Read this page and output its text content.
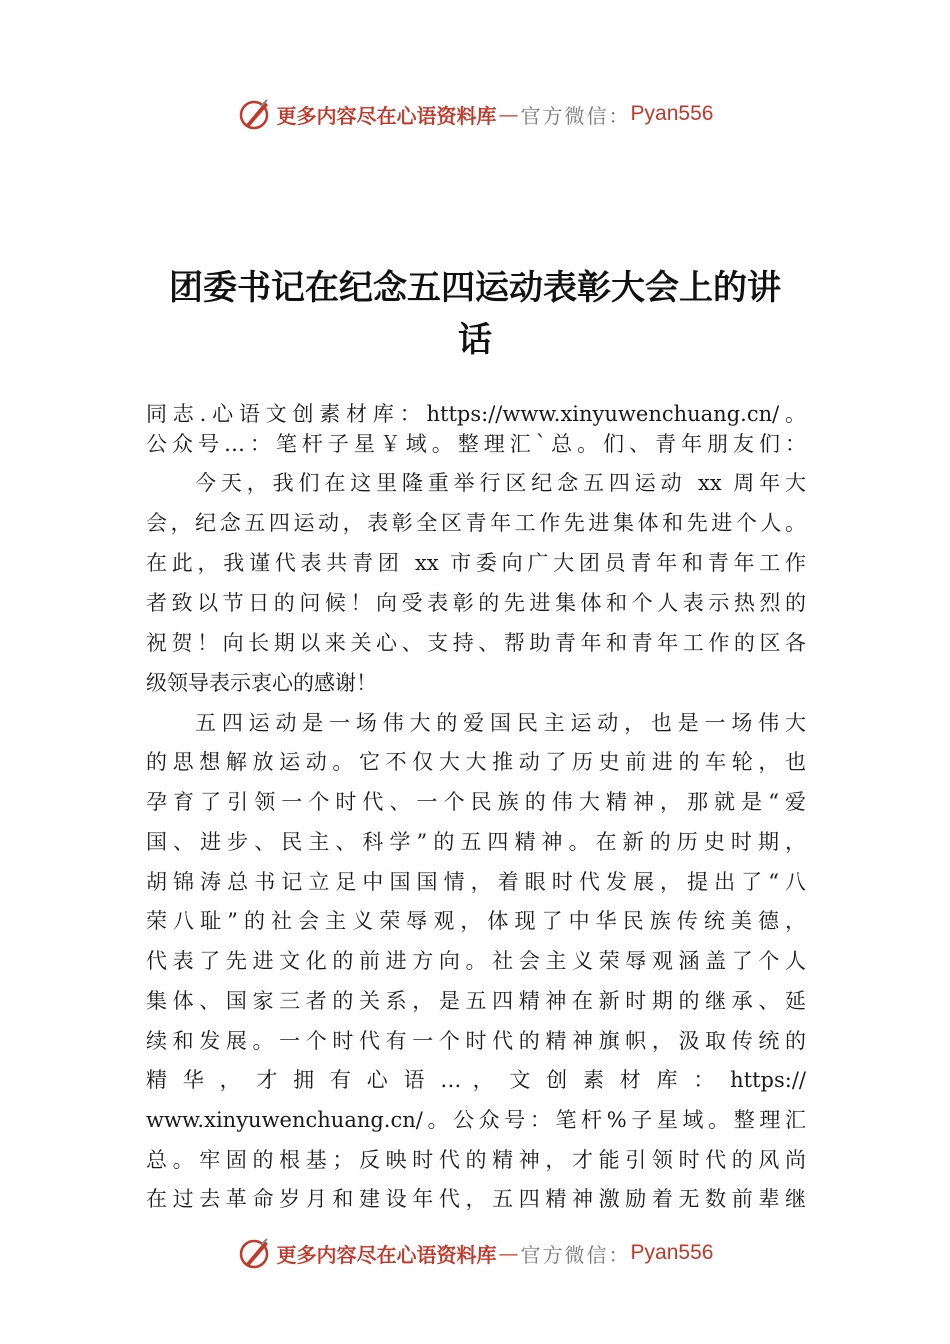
更多内容尽在心语资料库 — 官方微信： Pyan556
团委书记在纪念五四运动表彰大会上的讲
话
同志.心语文创素材库：https://www.xinyuwenchuang.cn/。
公众号…：笔杆子星￥域。整理汇`总。们、青年朋友们：
今天，我们在这里隆重举行区纪念五四运动 xx 周年大
会，纪念五四运动，表彰全区青年工作先进集体和先进个人。
在此，我谨代表共青团 xx 市委向广大团员青年和青年工作
者致以节日的问候！向受表彰的先进集体和个人表示热烈的
祝贺！向长期以来关心、支持、帮助青年和青年工作的区各
级领导表示衷心的感谢！
五四运动是一场伟大的爱国民主运动，也是一场伟大
的思想解放运动。它不仅大大推动了历史前进的车轮，也
孕育了引领一个时代、一个民族的伟大精神，那就是“爱
国、进步、民主、科学”的五四精神。在新的历史时期，
胡锦涛总书记立足中国国情，着眼时代发展，提出了“八
荣八耻”的社会主义荣辱观，体现了中华民族传统美德，
代表了先进文化的前进方向。社会主义荣辱观涵盖了个人
集体、国家三者的关系，是五四精神在新时期的继承、延
续和发展。一个时代有一个时代的精神旗帜，汲取传统的
精 华 ， 才 拥 有 心 语 … ， 文 创 素 材 库 ： https://
www.xinyuwenchuang.cn/。公众号：笔杆%子星域。整理汇
总。牢固的根基；反映时代的精神，才能引领时代的风尚
在过去革命岁月和建设年代，五四精神激励着无数前辈继
更多内容尽在心语资料库 — 官方微信： Pyan556
